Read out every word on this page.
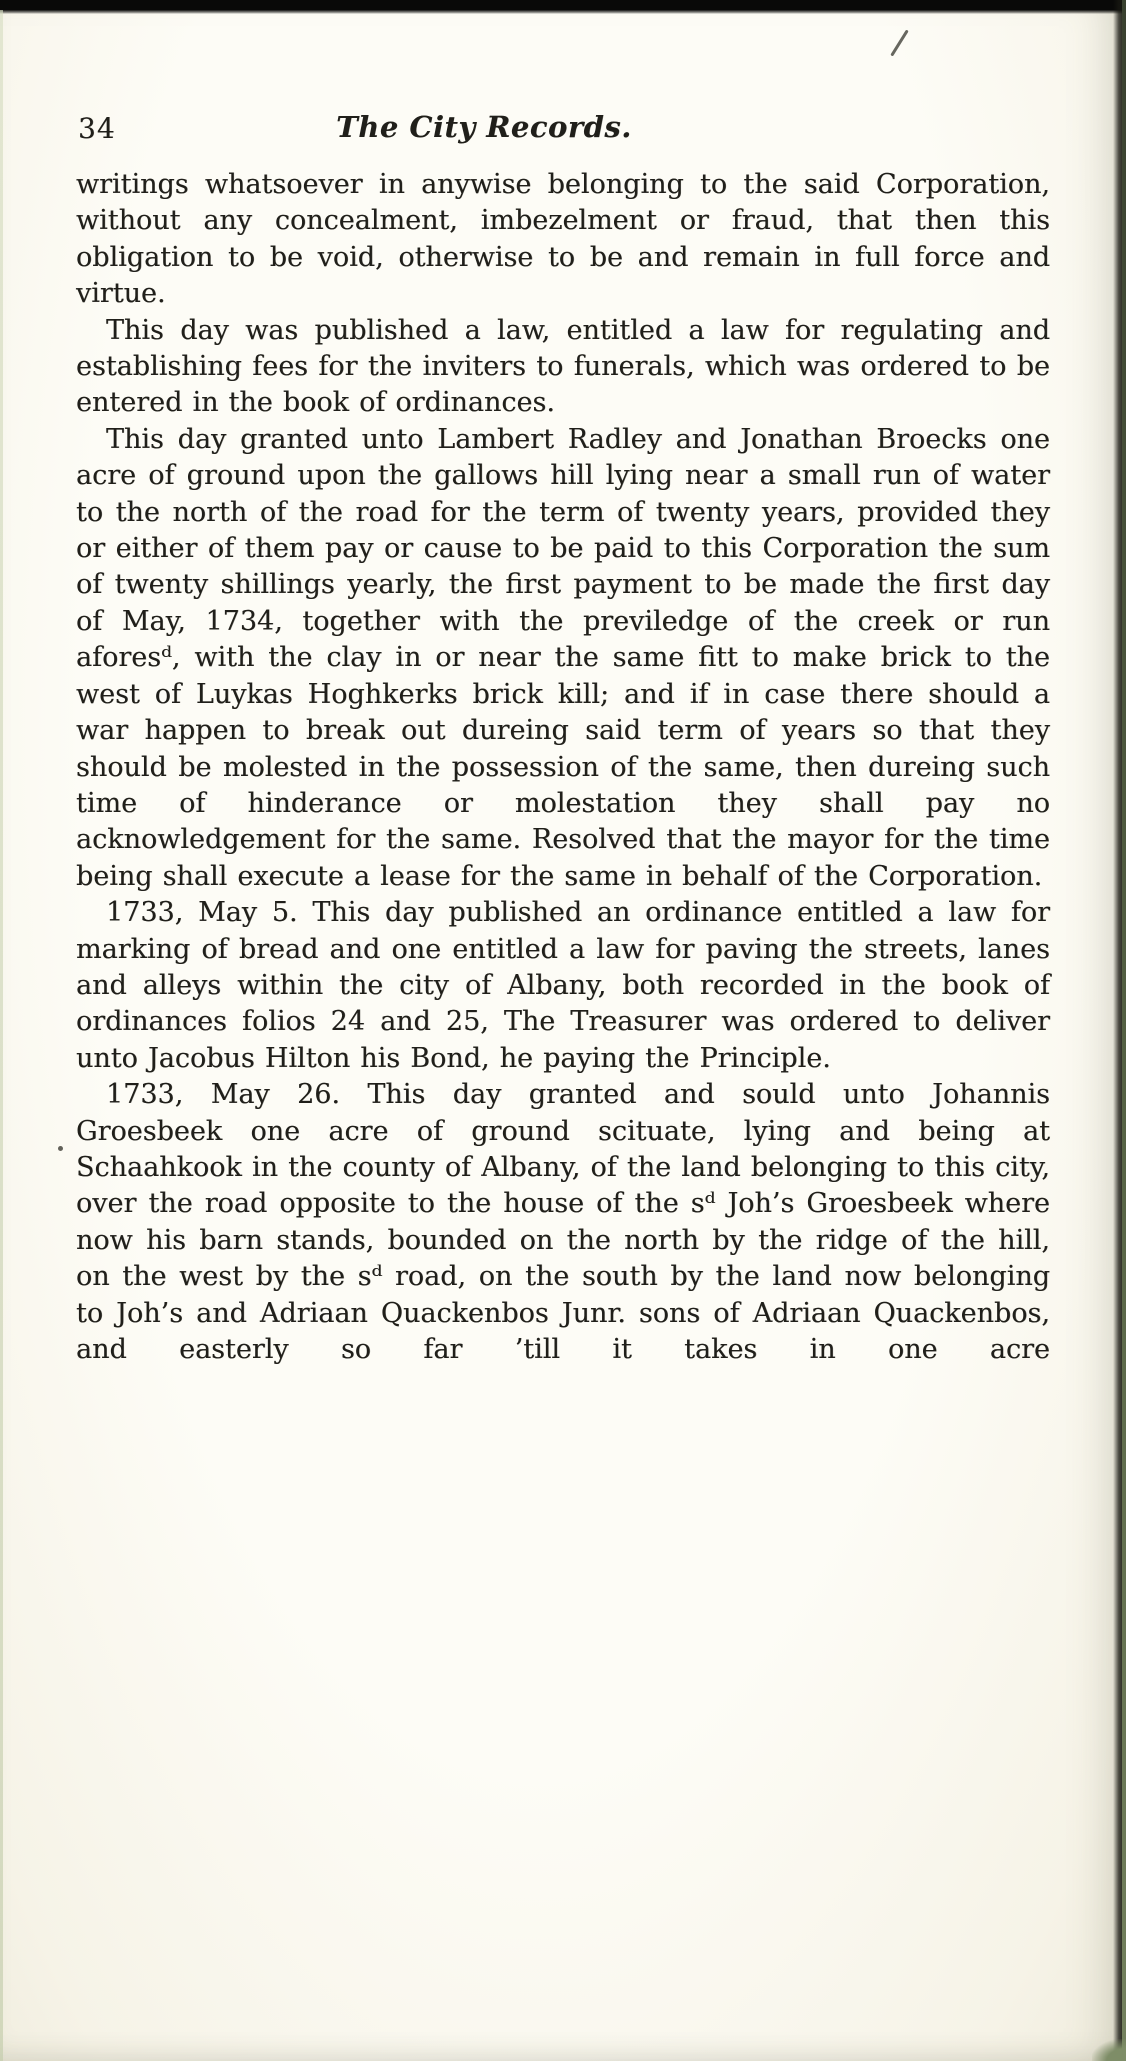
34	The City Records.

writings whatsoever in anywise belonging to the said Corporation, without any concealment, imbezelment or fraud, that then this obligation to be void, otherwise to be and remain in full force and virtue.

This day was published a law, entitled a law for regulating and establishing fees for the inviters to funerals, which was ordered to be entered in the book of ordinances.

This day granted unto Lambert Radley and Jonathan Broecks one acre of ground upon the gallows hill lying near a small run of water to the north of the road for the term of twenty years, provided they or either of them pay or cause to be paid to this Corporation the sum of twenty shillings yearly, the first payment to be made the first day of May, 1734, together with the previledge of the creek or run aforesᵈ, with the clay in or near the same fitt to make brick to the west of Luykas Hoghkerks brick kill; and if in case there should a war happen to break out dureing said term of years so that they should be molested in the possession of the same, then dureing such time of hinderance or molestation they shall pay no acknowledgement for the same. Resolved that the mayor for the time being shall execute a lease for the same in behalf of the Corporation.

1733, May 5. This day published an ordinance entitled a law for marking of bread and one entitled a law for paving the streets, lanes and alleys within the city of Albany, both recorded in the book of ordinances folios 24 and 25, The Treasurer was ordered to deliver unto Jacobus Hilton his Bond, he paying the Principle.

1733, May 26. This day granted and sould unto Johannis Groesbeek one acre of ground scituate, lying and being at Schaahkook in the county of Albany, of the land belonging to this city, over the road opposite to the house of the sᵈ Joh’s Groesbeek where now his barn stands, bounded on the north by the ridge of the hill, on the west by the sᵈ road, on the south by the land now belonging to Joh’s and Adriaan Quackenbos Junr. sons of Adriaan Quackenbos, and easterly so far ’till it takes in one acre
